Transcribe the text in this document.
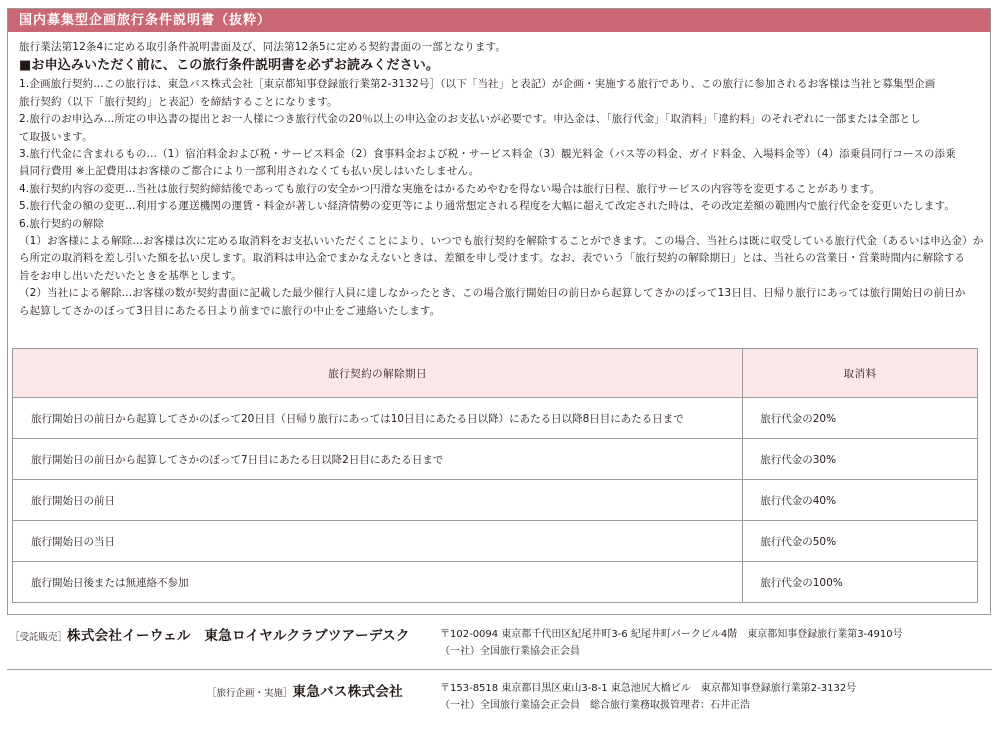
国内募集型企画旅行条件説明書（抜粋）

旅行業法第12条4に定める取引条件説明書面及び、同法第12条5に定める契約書面の一部となります。

■お申込みいただく前に、この旅行条件説明書を必ずお読みください。

1.企画旅行契約…この旅行は、東急バス株式会社［東京都知事登録旅行業第2-3132号］（以下「当社」と表記）が企画・実施する旅行であり、この旅行に参加されるお客様は当社と募集型企画

旅行契約（以下「旅行契約」と表記）を締結することになります。

2.旅行のお申込み…所定の申込書の提出とお一人様につき旅行代金の20％以上の申込金のお支払いが必要です。申込金は、「旅行代金」「取消料」「違約料」のそれぞれに一部または全部とし

て取扱います。

3.旅行代金に含まれるもの…（1）宿泊料金および税・サービス料金（2）食事料金および税・サービス料金（3）観光料金（バス等の料金、ガイド料金、入場料金等）（4）添乗員同行コースの添乗

員同行費用 ※上記費用はお客様のご都合により一部利用されなくても払い戻しはいたしません。

4.旅行契約内容の変更…当社は旅行契約締結後であっても旅行の安全かつ円滑な実施をはかるためやむを得ない場合は旅行日程、旅行サービスの内容等を変更することがあります。

5.旅行代金の額の変更…利用する運送機関の運賃・料金が著しい経済情勢の変更等により通常想定される程度を大幅に超えて改定された時は、その改定差額の範囲内で旅行代金を変更いたします。

6.旅行契約の解除

（1）お客様による解除…お客様は次に定める取消料をお支払いいただくことにより、いつでも旅行契約を解除することができます。この場合、当社らは既に収受している旅行代金（あるいは申込金）か

ら所定の取消料を差し引いた額を払い戻します。取消料は申込金でまかなえないときは、差額を申し受けます。なお、表でいう「旅行契約の解除期日」とは、当社らの営業日・営業時間内に解除する

旨をお申し出いただいたときを基準とします。

（2）当社による解除…お客様の数が契約書面に記載した最少催行人員に達しなかったとき、この場合旅行開始日の前日から起算してさかのぼって13日目、日帰り旅行にあっては旅行開始日の前日か

ら起算してさかのぼって3日目にあたる日より前までに旅行の中止をご連絡いたします。

旅行契約の解除期日	取消料
旅行開始日の前日から起算してさかのぼって20日目（日帰り旅行にあっては10日目にあたる日以降）にあたる日以降8日目にあたる日まで	旅行代金の20%
旅行開始日の前日から起算してさかのぼって7日目にあたる日以降2日目にあたる日まで	旅行代金の30%
旅行開始日の前日	旅行代金の40%
旅行開始日の当日	旅行代金の50%
旅行開始日後または無連絡不参加	旅行代金の100%
［受託販売］株式会社イーウェル　東急ロイヤルクラブツアーデスク	〒102-0094 東京都千代田区紀尾井町3-6 紀尾井町パークビル4階　東京都知事登録旅行業第3-4910号
（一社）全国旅行業協会正会員
［旅行企画・実施］東急バス株式会社	〒153-8518 東京都目黒区東山3-8-1 東急池尻大橋ビル　東京都知事登録旅行業第2-3132号
（一社）全国旅行業協会正会員　総合旅行業務取扱管理者：石井正浩
